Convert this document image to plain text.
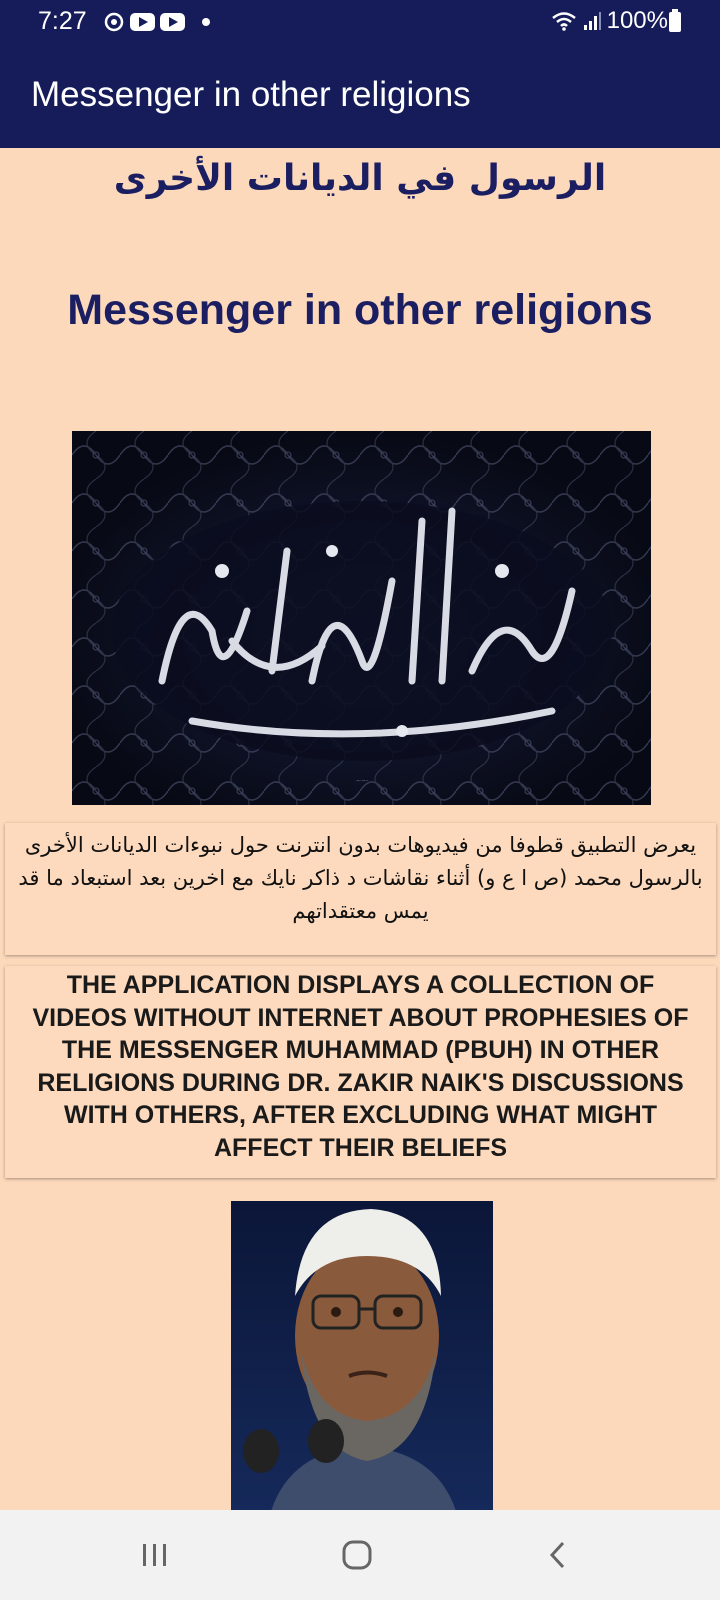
7:27	100%
Messenger in other religions
الرسول في الديانات الأخرى
Messenger in other religions
وما أرسلناك إلا رحمة للعالمين

يعرض التطبيق قطوفا من فيديوهات بدون انترنت حول نبوءات الديانات الأخرى بالرسول محمد (ص ا ع و) أثناء نقاشات د ذاكر نايك مع اخرين بعد استبعاد ما قد يمس معتقداتهم

THE APPLICATION DISPLAYS A COLLECTION OF VIDEOS WITHOUT INTERNET ABOUT PROPHESIES OF THE MESSENGER MUHAMMAD (PBUH) IN OTHER RELIGIONS DURING DR. ZAKIR NAIK'S DISCUSSIONS WITH OTHERS, AFTER EXCLUDING WHAT MIGHT AFFECT THEIR BELIEFS
